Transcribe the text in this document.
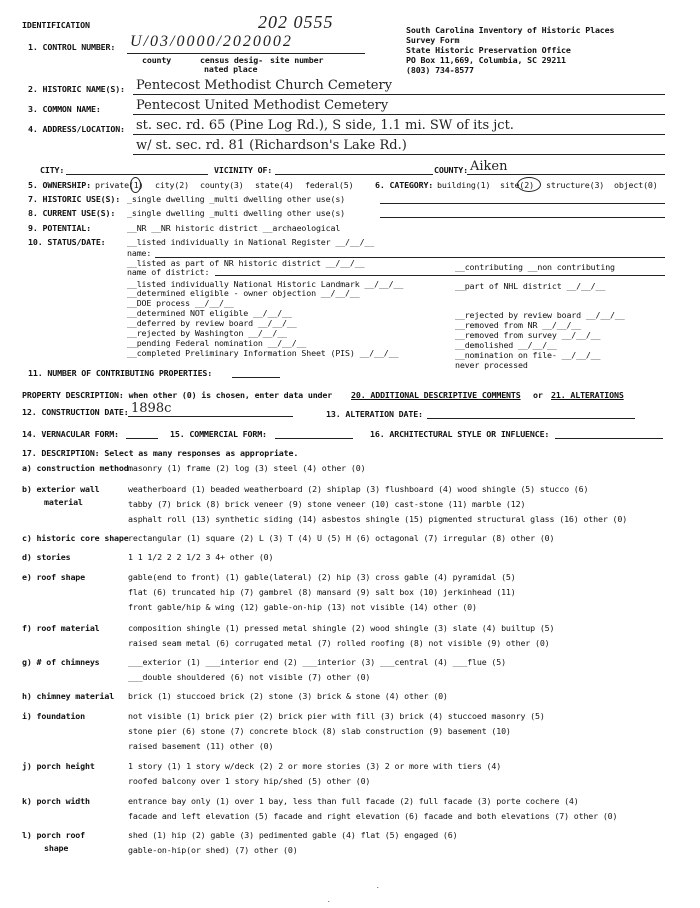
IDENTIFICATION	202 0555	South Carolina Inventory of Historic Places
Survey Form
State Historic Preservation Office
PO Box 11,669, Columbia, SC 29211
(803) 734-8577
1. CONTROL NUMBER: U/03/0000/2020002
county	census desig-
nated place
site number
2. HISTORIC NAME(S): Pentecost Methodist Church Cemetery
3. COMMON NAME:	Pentecost United Methodist Cemetery
4. ADDRESS/LOCATION: st. sec. rd. 65 (Pine Log Rd.), S side, 1.1 mi. SW of its jct.
w/ st. sec. rd. 81 (Richardson's Lake Rd.)
CITY:	VICINITY OF:	COUNTY: Aiken
5. OWNERSHIP: private(1) city(2) county(3) state(4) federal(5)	6. CATEGORY: building(1) site(2) structure(3) object(0)
7. HISTORIC USE(S): _single dwelling _multi dwelling other use(s)
8. CURRENT USE(S): _single dwelling _multi dwelling other use(s)
9. POTENTIAL:	__NR __NR historic district __archaeological
10. STATUS/DATE:	__listed individually in National Register __/__/__
name:
__listed as part of NR historic district __/__/__
name of district:
__listed individually National Historic Landmark __/__/__
__determined eligible - owner objection __/__/__
__DOE process __/__/__
__determined NOT eligible __/__/__
__deferred by review board __/__/__
__rejected by Washington __/__/__
__pending Federal nomination __/__/__
__completed Preliminary Information Sheet (PIS) __/__/__
__contributing __non contributing
__part of NHL district __/__/__
__rejected by review board __/__/__
__removed from NR __/__/__
__removed from survey __/__/__
__demolished __/__/__
__nomination on file- __/__/__
never processed
11. NUMBER OF CONTRIBUTING PROPERTIES:
PROPERTY DESCRIPTION: when other (0) is chosen, enter data under 20. ADDITIONAL DESCRIPTIVE COMMENTS or 21. ALTERATIONS
12. CONSTRUCTION DATE: 1898c	13. ALTERATION DATE:
14. VERNACULAR FORM:	15. COMMERCIAL FORM:	16. ARCHITECTURAL STYLE OR INFLUENCE:
17. DESCRIPTION: Select as many responses as appropriate.
a) construction method masonry (1) frame (2) log (3) steel (4) other (0)
b) exterior wall
material
weatherboard (1) beaded weatherboard (2) shiplap (3) flushboard (4) wood shingle (5) stucco (6)
tabby (7) brick (8) brick veneer (9) stone veneer (10) cast-stone (11) marble (12)
asphalt roll (13) synthetic siding (14) asbestos shingle (15) pigmented structural glass (16) other (0)
c) historic core shape rectangular (1) square (2) L (3) T (4) U (5) H (6) octagonal (7) irregular (8) other (0)
d) stories	1 1 1/2 2 2 1/2 3 4+ other (0)
e) roof shape	gable(end to front) (1) gable(lateral) (2) hip (3) cross gable (4) pyramidal (5)
flat (6) truncated hip (7) gambrel (8) mansard (9) salt box (10) jerkinhead (11)
front gable/hip & wing (12) gable-on-hip (13) not visible (14) other (0)
f) roof material	composition shingle (1) pressed metal shingle (2) wood shingle (3) slate (4) builtup (5)
raised seam metal (6) corrugated metal (7) rolled roofing (8) not visible (9) other (0)
g) # of chimneys	___exterior (1) ___interior end (2) ___interior (3) ___central (4) ___flue (5)
___double shouldered (6) not visible (7) other (0)
h) chimney material brick (1) stuccoed brick (2) stone (3) brick & stone (4) other (0)
i) foundation	not visible (1) brick pier (2) brick pier with fill (3) brick (4) stuccoed masonry (5)
stone pier (6) stone (7) concrete block (8) slab construction (9) basement (10)
raised basement (11) other (0)
j) porch height	1 story (1) 1 story w/deck (2) 2 or more stories (3) 2 or more with tiers (4)
roofed balcony over 1 story hip/shed (5) other (0)
k) porch width	entrance bay only (1) over 1 bay, less than full facade (2) full facade (3) porte cochere (4)
facade and left elevation (5) facade and right elevation (6) facade and both elevations (7) other (0)
l) porch roof
shape
shed (1) hip (2) gable (3) pedimented gable (4) flat (5) engaged (6)
gable-on-hip(or shed) (7) other (0)
.
.
